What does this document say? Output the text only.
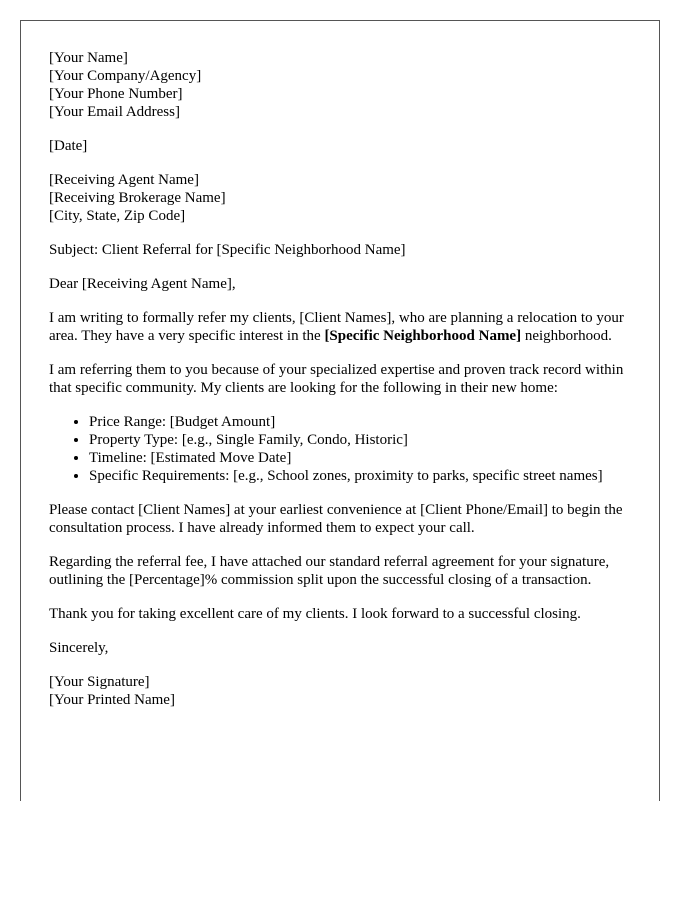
[Your Name]
[Your Company/Agency]
[Your Phone Number]
[Your Email Address]

[Date]

[Receiving Agent Name]
[Receiving Brokerage Name]
[City, State, Zip Code]

Subject: Client Referral for [Specific Neighborhood Name]

Dear [Receiving Agent Name],

I am writing to formally refer my clients, [Client Names], who are planning a relocation to your area. They have a very specific interest in the [Specific Neighborhood Name] neighborhood.

I am referring them to you because of your specialized expertise and proven track record within that specific community. My clients are looking for the following in their new home:

• Price Range: [Budget Amount]
• Property Type: [e.g., Single Family, Condo, Historic]
• Timeline: [Estimated Move Date]
• Specific Requirements: [e.g., School zones, proximity to parks, specific street names]

Please contact [Client Names] at your earliest convenience at [Client Phone/Email] to begin the consultation process. I have already informed them to expect your call.

Regarding the referral fee, I have attached our standard referral agreement for your signature, outlining the [Percentage]% commission split upon the successful closing of a transaction.

Thank you for taking excellent care of my clients. I look forward to a successful closing.

Sincerely,

[Your Signature]
[Your Printed Name]
